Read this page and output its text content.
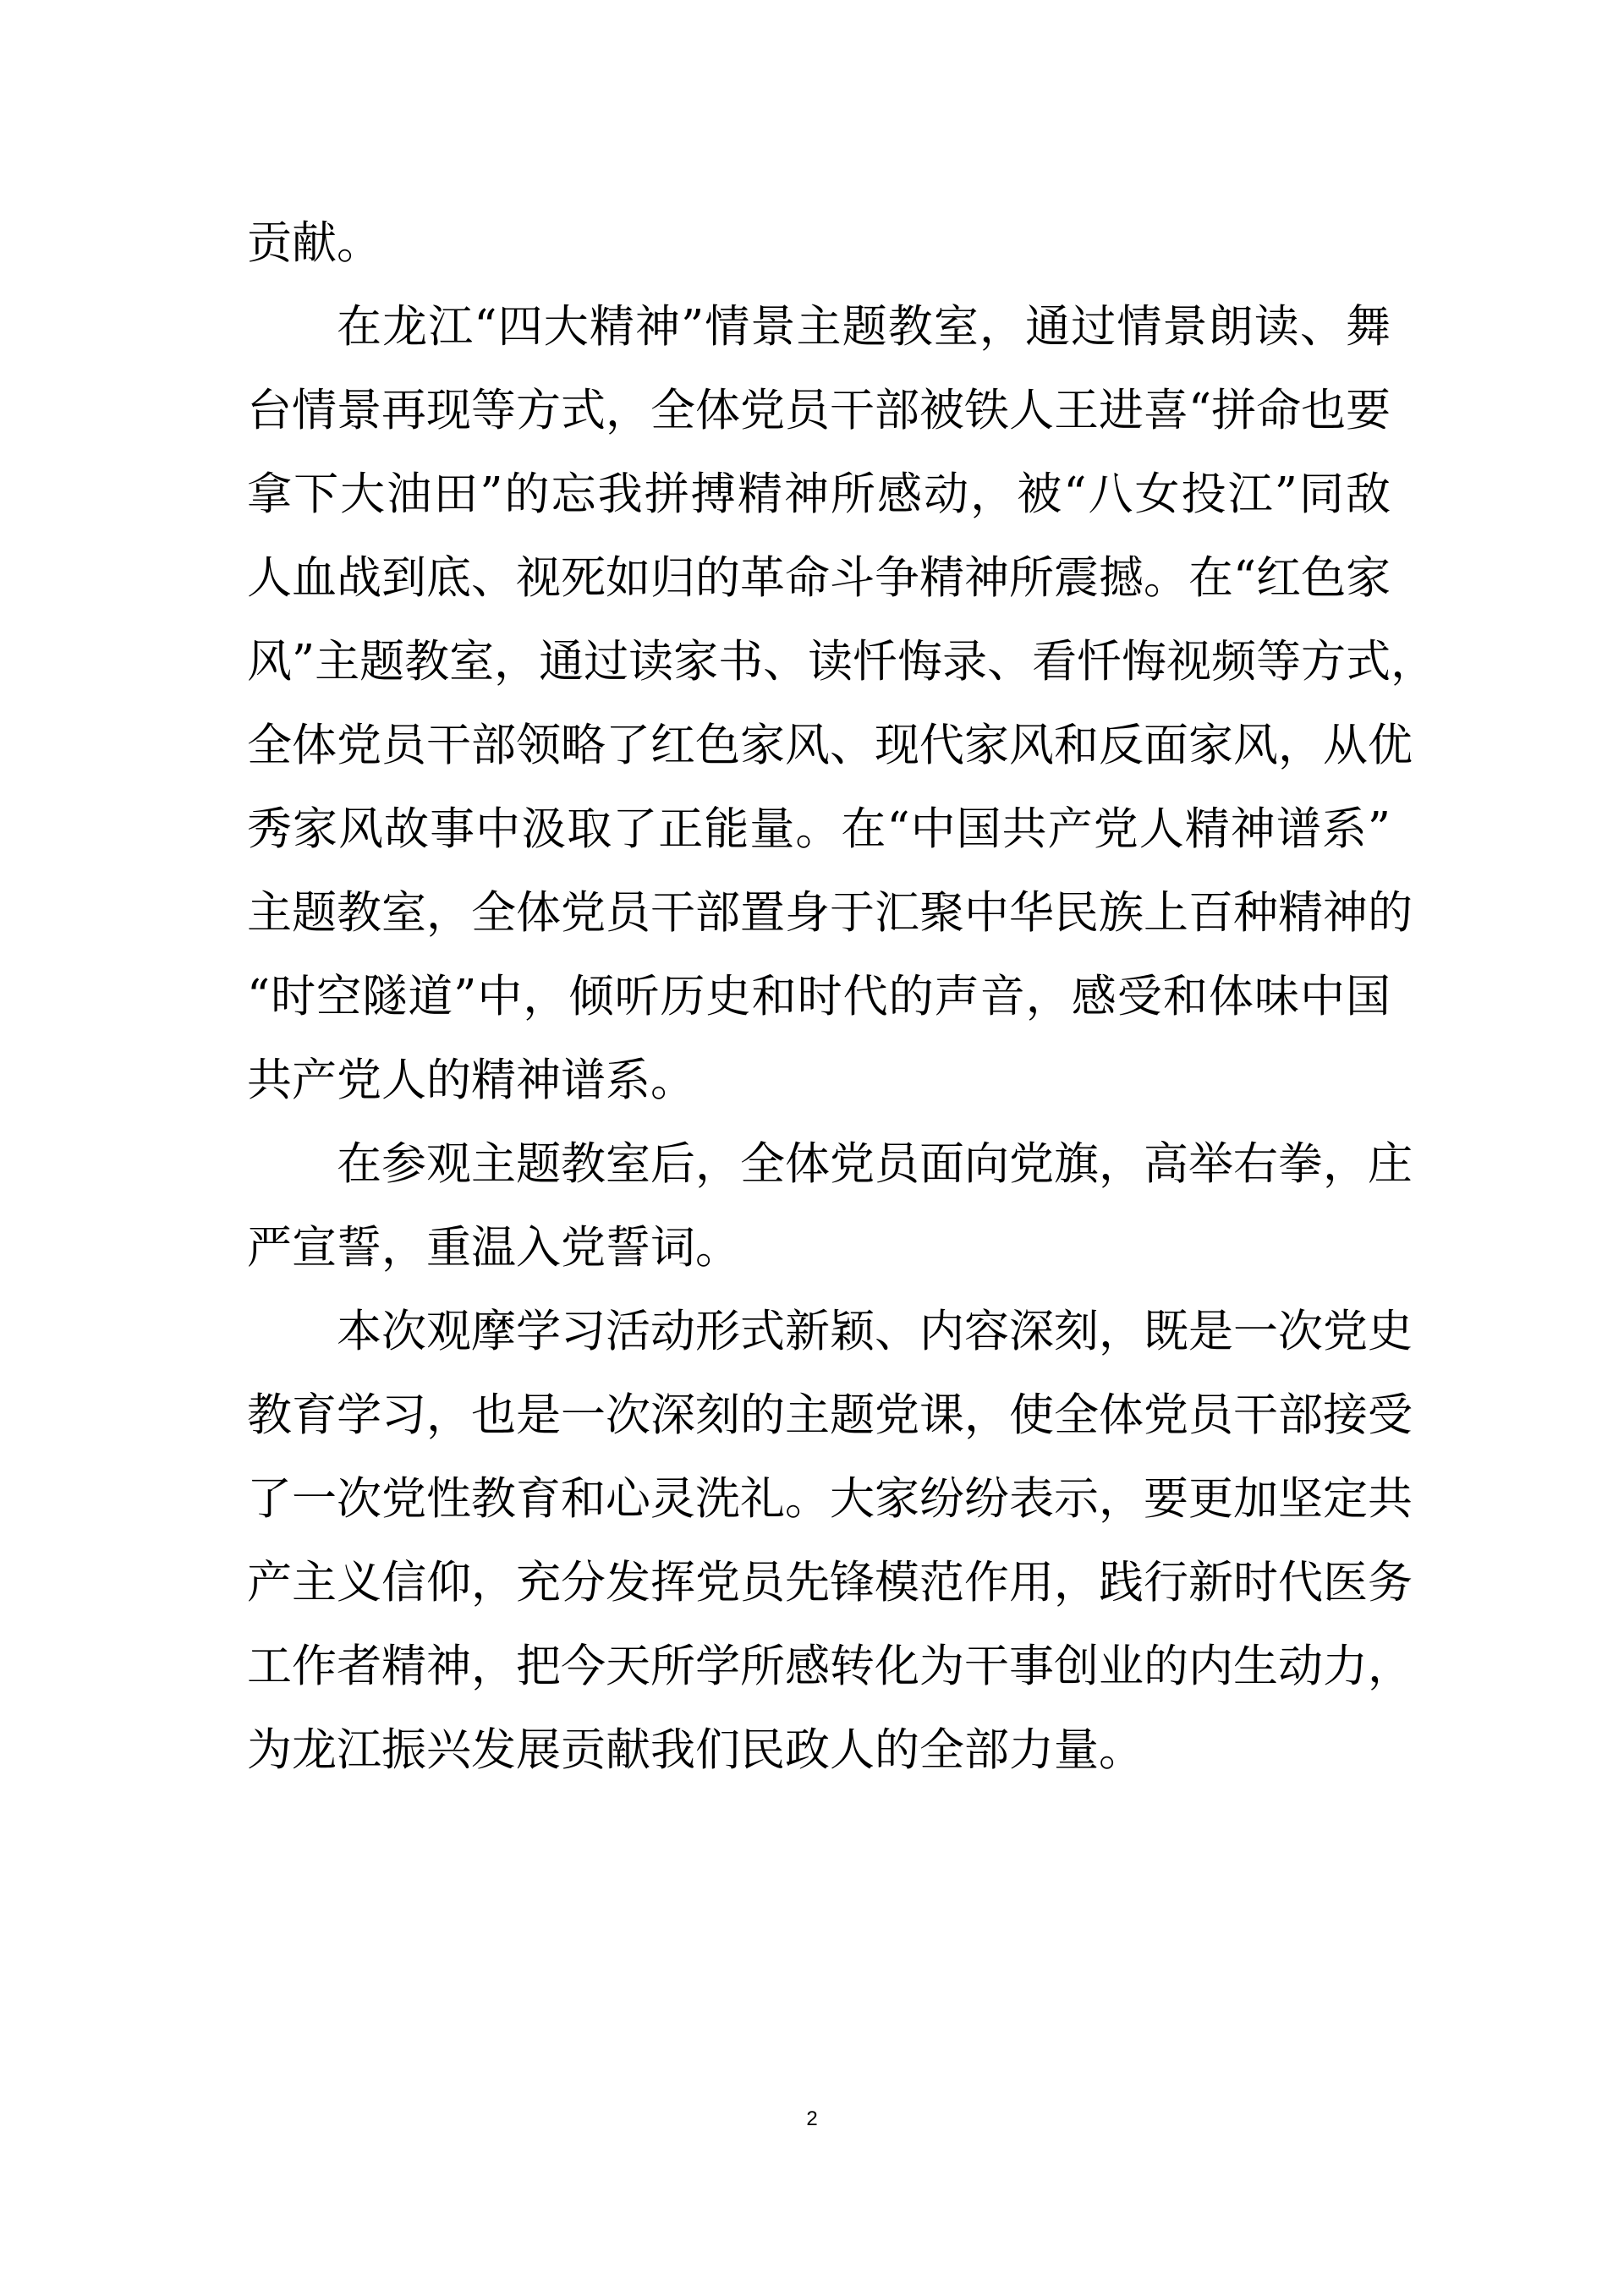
贡献。
在龙江“四大精神”情景主题教室，通过情景朗读、舞
台情景再现等方式，全体党员干部被铁人王进喜“拼命也要
拿下大油田”的忘我拼搏精神所感动，被“八女投江”同敌
人血战到底、视死如归的革命斗争精神所震撼。在“红色家
风”主题教室，通过读家书、读忏悔录、看忏悔视频等方式，
全体党员干部领略了红色家风、现代家风和反面家风，从优
秀家风故事中汲取了正能量。在“中国共产党人精神谱系”
主题教室，全体党员干部置身于汇聚中华民族上百种精神的
“时空隧道”中，倾听历史和时代的声音，感受和体味中国
共产党人的精神谱系。
在参观主题教室后，全体党员面向党旗，高举右拳，庄
严宣誓，重温入党誓词。
本次观摩学习活动形式新颖、内容深刻，既是一次党史
教育学习，也是一次深刻的主题党课，使全体党员干部接受
了一次党性教育和心灵洗礼。大家纷纷表示，要更加坚定共
产主义信仰，充分发挥党员先锋模范作用，践行新时代医务
工作者精神，把今天所学所感转化为干事创业的内生动力，
为龙江振兴发展贡献我们民政人的全部力量。
2
